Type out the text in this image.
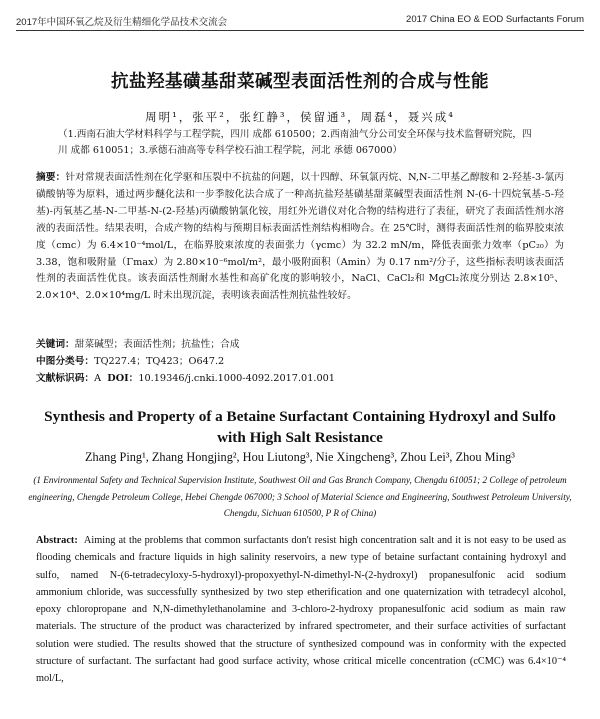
2017年中国环氧乙烷及衍生精细化学品技术交流会	2017 China EO & EOD Surfactants Forum
抗盐羟基磺基甜菜碱型表面活性剂的合成与性能
周明¹，张平²，张红静³，侯留通³，周磊⁴，聂兴成⁴
（1.西南石油大学材料科学与工程学院，四川 成都 610500；2.西南油气分公司安全环保与技术监督研究院，四川 成都 610051；3.承德石油高等专科学校石油工程学院，河北 承德 067000）
摘要：针对常规表面活性剂在化学驱和压裂中不抗盐的问题，以十四醇、环氧氯丙烷、N,N-二甲基乙醇胺和 2-羟基-3-氯丙磺酸钠等为原料，通过两步醚化法和一步季胺化法合成了一种高抗盐羟基磺基甜菜碱型表面活性剂 N-(6-十四烷氧基-5-羟基)-丙氧基乙基-N-二甲基-N-(2-羟基)丙磺酸钠氯化铵，用红外光谱仪对化合物的结构进行了表征，研究了表面活性剂水溶液的表面活性。结果表明，合成产物的结构与预期目标表面活性剂结构相吻合。在 25℃时，测得表面活性剂的临界胶束浓度（cmc）为 6.4×10⁻⁴mol/L，在临界胶束浓度的表面张力（γcmc）为 32.2 mN/m，降低表面张力效率（pC₂₀）为 3.38，饱和吸附量（Γmax）为 2.80×10⁻⁶mol/m²，最小吸附面积（Amin）为 0.17 nm²/分子，这些指标表明该表面活性剂的表面活性优良。该表面活性剂耐水基性和高矿化度的影响较小，NaCl、CaCl₂和 MgCl₂浓度分别达 2.8×10⁵、2.0×10⁴、2.0×10⁴mg/L 时未出现沉淀，表明该表面活性剂抗盐性较好。
关键词：甜菜碱型；表面活性剂；抗盐性；合成
中图分类号：TQ227.4；TQ423；O647.2
文献标识码：A DOI：10.19346/j.cnki.1000-4092.2017.01.001
Synthesis and Property of a Betaine Surfactant Containing Hydroxyl and Sulfo with High Salt Resistance
Zhang Ping¹, Zhang Hongjing², Hou Liutong³, Nie Xingcheng³, Zhou Lei³, Zhou Ming³
(1 Environmental Safety and Technical Supervision Institute, Southwest Oil and Gas Branch Company, Chengdu 610051; 2 College of petroleum engineering, Chengde Petroleum College, Hebei Chengde 067000; 3 School of Material Science and Engineering, Southwest Petroleum University, Chengdu, Sichuan 610500, P R of China)
Abstract: Aiming at the problems that common surfactants don't resist high concentration salt and it is not easy to be used as flooding chemicals and fracture liquids in high salinity reservoirs, a new type of betaine surfactant containing hydroxyl and sulfo, named N-(6-tetradecyloxy-5-hydroxyl)-propoxyethyl-N-dimethyl-N-(2-hydroxyl) propanesulfonic acid sodium ammonium chloride, was successfully synthesized by two step etherification and one quaternization with tetradecyl alcohol, epoxy chloropropane and N,N-dimethylethanolamine and 3-chloro-2-hydroxy propanesulfonic acid sodium as main raw materials. The structure of the product was characterized by infrared spectrometer, and their surface activities of surfactant solution were studied. The results showed that the structure of synthesized compound was in conformity with the expected structure of surfactant. The surfactant had good surface activity, whose critical micelle concentration (cCMC) was 6.4×10⁻⁴ mol/L,
